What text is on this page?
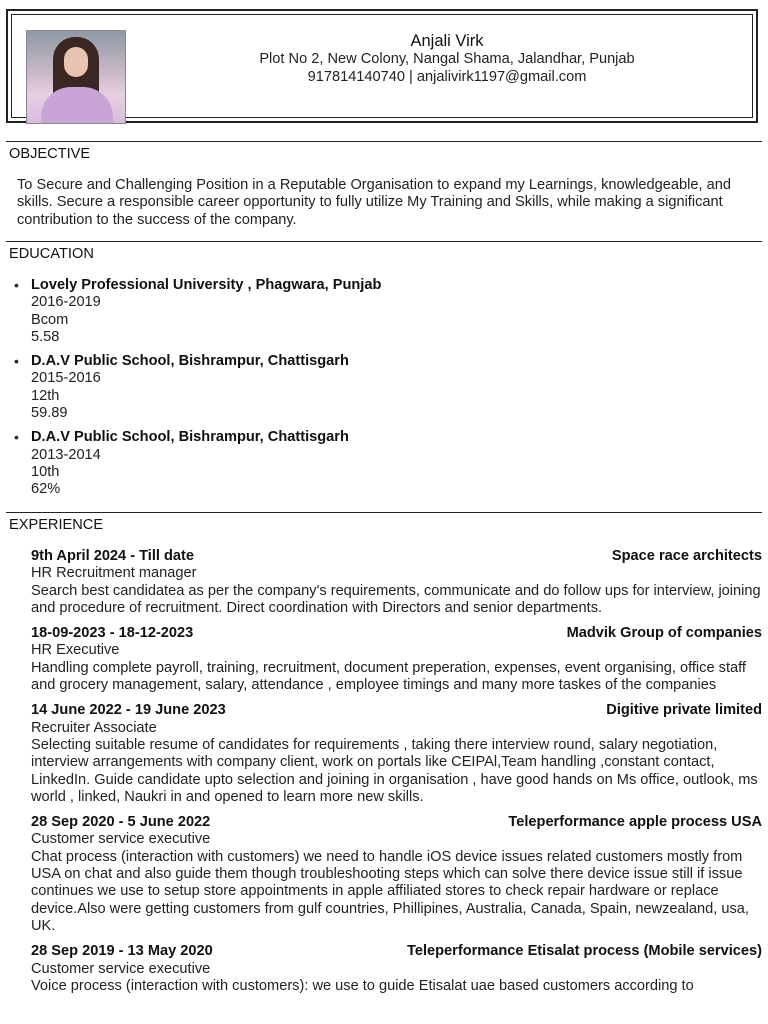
Anjali Virk
Plot No 2, New Colony, Nangal Shama, Jalandhar, Punjab
917814140740 | anjalivirk1197@gmail.com
OBJECTIVE
To Secure and Challenging Position in a Reputable Organisation to expand my Learnings, knowledgeable, and skills. Secure a responsible career opportunity to fully utilize My Training and Skills, while making a significant contribution to the success of the company.
EDUCATION
• Lovely Professional University , Phagwara, Punjab
2016-2019
Bcom
5.58
• D.A.V Public School, Bishrampur, Chattisgarh
2015-2016
12th
59.89
• D.A.V Public School, Bishrampur, Chattisgarh
2013-2014
10th
62%
EXPERIENCE
9th April 2024 - Till date	Space race architects
HR Recruitment manager
Search best candidatea as per the company's requirements, communicate and do follow ups for interview, joining and procedure of recruitment. Direct coordination with Directors and senior departments.
18-09-2023 - 18-12-2023	Madvik Group of companies
HR Executive
Handling complete payroll, training, recruitment, document preperation, expenses, event organising, office staff and grocery management, salary, attendance , employee timings and many more taskes of the companies
14 June 2022 - 19 June 2023	Digitive private limited
Recruiter Associate
Selecting suitable resume of candidates for requirements , taking there interview round, salary negotiation, interview arrangements with company client, work on portals like CEIPAl,Team handling ,constant contact, LinkedIn. Guide candidate upto selection and joining in organisation , have good hands on Ms office, outlook, ms world , linked, Naukri in and opened to learn more new skills.
28 Sep 2020 - 5 June 2022	Teleperformance apple process USA
Customer service executive
Chat process (interaction with customers) we need to handle iOS device issues related customers mostly from USA on chat and also guide them though troubleshooting steps which can solve there device issue still if issue continues we use to setup store appointments in apple affiliated stores to check repair hardware or replace device.Also were getting customers from gulf countries, Phillipines, Australia, Canada, Spain, newzealand, usa, UK.
28 Sep 2019 - 13 May 2020	Teleperformance Etisalat process (Mobile services)
Customer service executive
Voice process (interaction with customers): we use to guide Etisalat uae based customers according to
